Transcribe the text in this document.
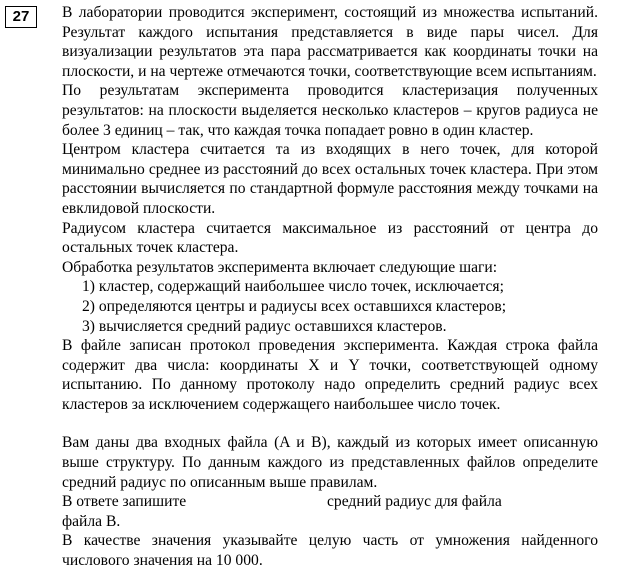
27	В лаборатории проводится эксперимент, состоящий из множества испытаний. Результат каждого испытания представляется в виде пары чисел. Для визуализации результатов эта пара рассматривается как координаты точки на плоскости, и на чертеже отмечаются точки, соответствующие всем испытаниям.

По результатам эксперимента проводится кластеризация полученных результатов: на плоскости выделяется несколько кластеров – кругов радиуса не более 3 единиц – так, что каждая точка попадает ровно в один кластер.

Центром кластера считается та из входящих в него точек, для которой минимально среднее из расстояний до всех остальных точек кластера. При этом расстоянии вычисляется по стандартной формуле расстояния между точками на евклидовой плоскости.

Радиусом кластера считается максимальное из расстояний от центра до остальных точек кластера.

Обработка результатов эксперимента включает следующие шаги:

1) кластер, содержащий наибольшее число точек, исключается;
2) определяются центры и радиусы всех оставшихся кластеров;
3) вычисляется средний радиус оставшихся кластеров.

В файле записан протокол проведения эксперимента. Каждая строка файла содержит два числа: координаты X и Y точки, соответствующей одному испытанию. По данному протоколу надо определить средний радиус всех кластеров за исключением содержащего наибольшее число точек.

Вам даны два входных файла (A и B), каждый из которых имеет описанную выше структуру. По данным каждого из представленных файлов определите средний радиус по описанным выше правилам.

В ответе запишите	средний радиус для файла

файла B.

В качестве значения указывайте целую часть от умножения найденного числового значения на 10 000.
